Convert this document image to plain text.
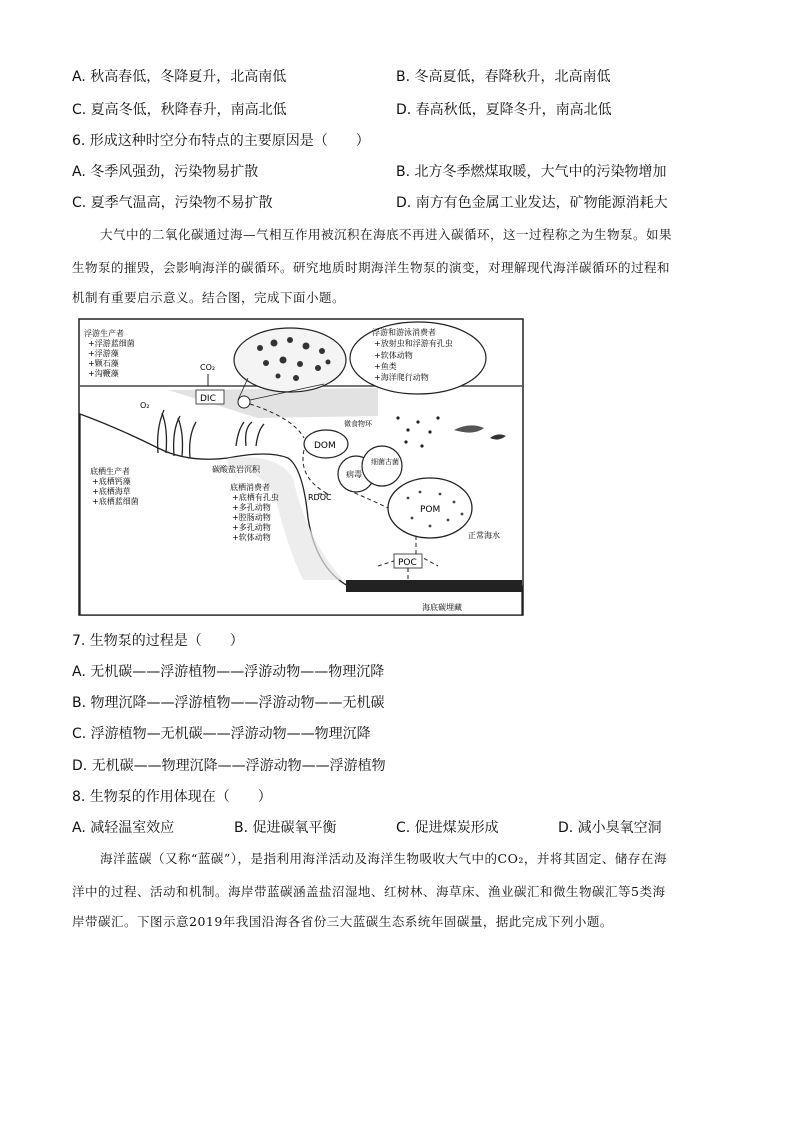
A. 秋高春低，冬降夏升，北高南低	B. 冬高夏低，春降秋升，北高南低
C. 夏高冬低，秋降春升，南高北低	D. 春高秋低，夏降冬升，南高北低
6. 形成这种时空分布特点的主要原因是（　　）
A. 冬季风强劲，污染物易扩散	B. 北方冬季燃煤取暖，大气中的污染物增加
C. 夏季气温高，污染物不易扩散	D. 南方有色金属工业发达，矿物能源消耗大
大气中的二氧化碳通过海—气相互作用被沉积在海底不再进入碳循环，这一过程称之为生物泵。如果
生物泵的摧毁，会影响海洋的碳循环。研究地质时期海洋生物泵的演变，对理解现代海洋碳循环的过程和
机制有重要启示意义。结合图，完成下面小题。
浮游生产者
+浮游蓝细菌
+浮游藻
+颗石藻
+沟鞭藻
CO₂
浮游和游泳消费者
+放射虫和浮游有孔虫
+软体动物
+鱼类
+海洋爬行动物
DIC
O₂
DOM
微食物环
病毒
细菌古菌
POM
RDOC
POC
底栖生产者
+底栖钙藻
+底栖海草
+底栖蓝细菌
碳酸盐岩沉积
底栖消费者
+底栖有孔虫
+多孔动物
+腔肠动物
+多孔动物
+软体动物	正常海水
海底碳埋藏
7. 生物泵的过程是（　　）
A. 无机碳——浮游植物——浮游动物——物理沉降
B. 物理沉降——浮游植物——浮游动物——无机碳
C. 浮游植物—无机碳——浮游动物——物理沉降
D. 无机碳——物理沉降——浮游动物——浮游植物
8. 生物泵的作用体现在（　　）
A. 减轻温室效应	B. 促进碳氧平衡	C. 促进煤炭形成	D. 减小臭氧空洞
海洋蓝碳（又称“蓝碳”），是指利用海洋活动及海洋生物吸收大气中的CO₂，并将其固定、储存在海
洋中的过程、活动和机制。海岸带蓝碳涵盖盐沼湿地、红树林、海草床、渔业碳汇和微生物碳汇等5类海
岸带碳汇。下图示意2019年我国沿海各省份三大蓝碳生态系统年固碳量，据此完成下列小题。
